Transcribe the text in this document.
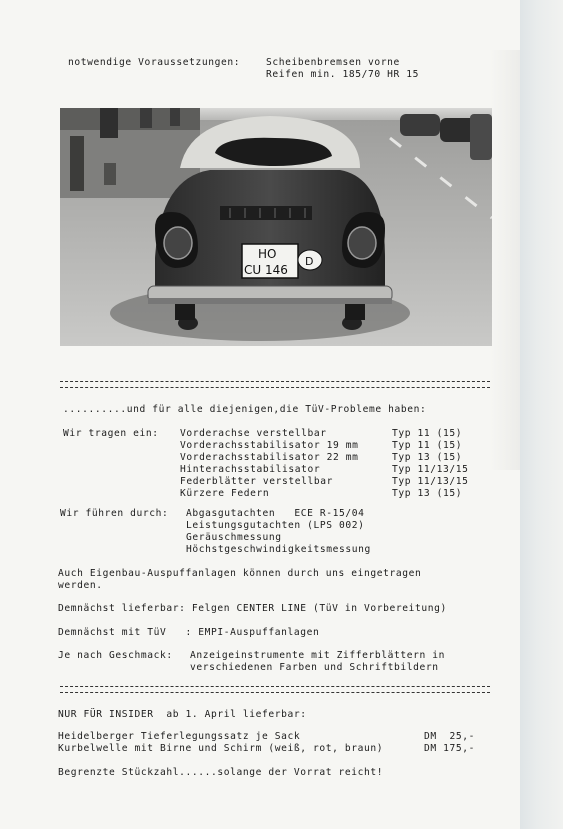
notwendige Voraussetzungen:	Scheibenbremsen vorne
Reifen min. 185/70 HR 15
HO
CU 146
D
..........und für alle diejenigen,die TüV-Probleme haben:
Wir tragen ein: Vorderachse verstellbar	Typ 11 (15)
Vorderachsstabilisator 19 mm	Typ 11 (15)
Vorderachsstabilisator 22 mm	Typ 13 (15)
Hinterachsstabilisator	Typ 11/13/15
Federblätter verstellbar	Typ 11/13/15
Kürzere Federn	Typ 13 (15)
Wir führen durch: Abgasgutachten   ECE R-15/04
Leistungsgutachten (LPS 002)
Geräuschmessung
Höchstgeschwindigkeitsmessung
Auch Eigenbau-Auspuffanlagen können durch uns eingetragen
werden.
Demnächst lieferbar: Felgen CENTER LINE (TüV in Vorbereitung)
Demnächst mit TüV   : EMPI-Auspuffanlagen
Je nach Geschmack: Anzeigeinstrumente mit Zifferblättern in
verschiedenen Farben und Schriftbildern
NUR FÜR INSIDER  ab 1. April lieferbar:
Heidelberger Tieferlegungssatz je Sack	DM  25,-
Kurbelwelle mit Birne und Schirm (weiß, rot, braun)	DM 175,-
Begrenzte Stückzahl......solange der Vorrat reicht!
